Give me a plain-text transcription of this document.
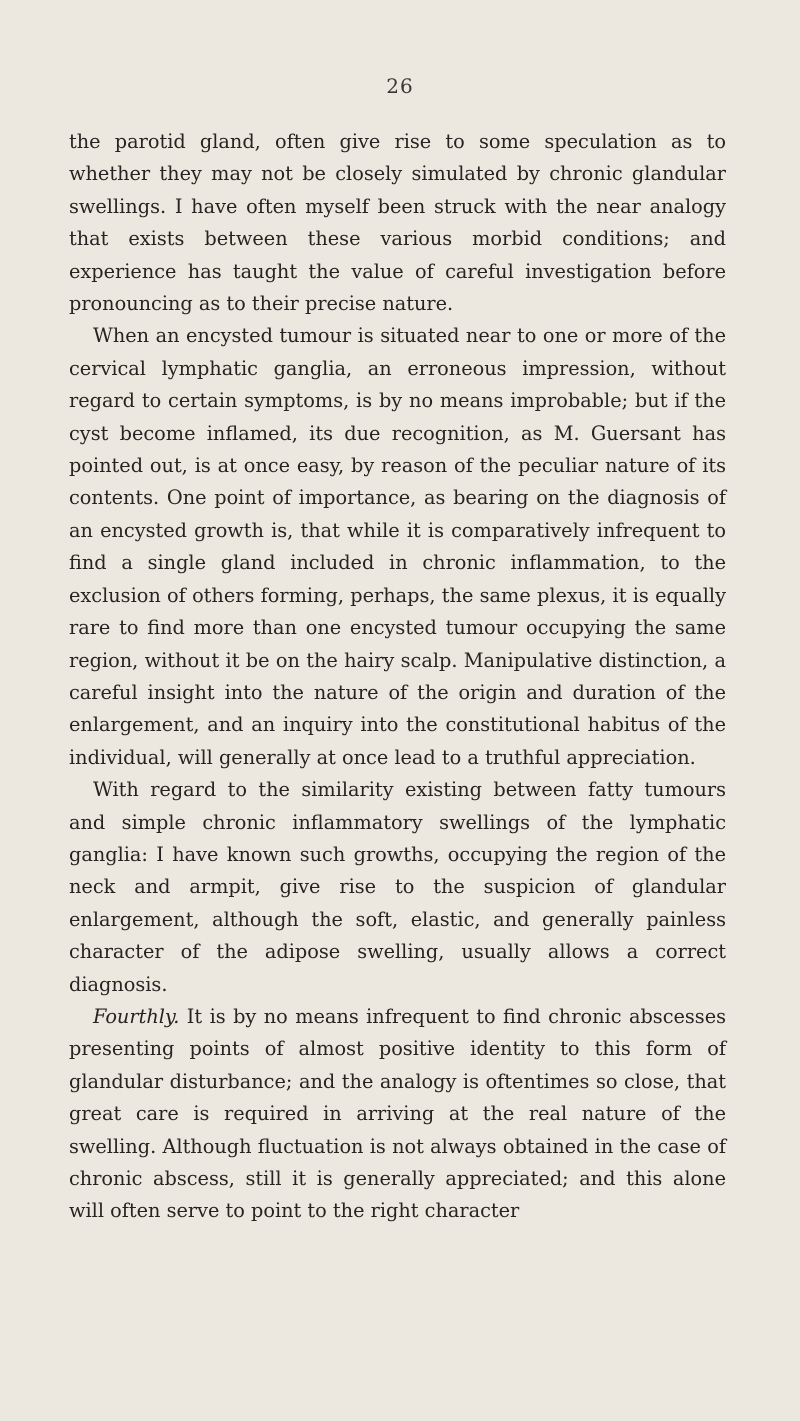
26

the parotid gland, often give rise to some speculation as to whether they may not be closely simulated by chronic glandular swellings. I have often myself been struck with the near analogy that exists between these various morbid conditions; and experience has taught the value of careful investigation before pronouncing as to their precise nature.

When an encysted tumour is situated near to one or more of the cervical lymphatic ganglia, an erroneous impression, without regard to certain symptoms, is by no means improbable; but if the cyst become inflamed, its due recognition, as M. Guersant has pointed out, is at once easy, by reason of the peculiar nature of its contents. One point of importance, as bearing on the diagnosis of an encysted growth is, that while it is comparatively infrequent to find a single gland included in chronic inflammation, to the exclusion of others forming, perhaps, the same plexus, it is equally rare to find more than one encysted tumour occupying the same region, without it be on the hairy scalp. Manipulative distinction, a careful insight into the nature of the origin and duration of the enlargement, and an inquiry into the constitutional habitus of the individual, will generally at once lead to a truthful appreciation.

With regard to the similarity existing between fatty tumours and simple chronic inflammatory swellings of the lymphatic ganglia: I have known such growths, occupying the region of the neck and armpit, give rise to the suspicion of glandular enlargement, although the soft, elastic, and generally painless character of the adipose swelling, usually allows a correct diagnosis.

Fourthly. It is by no means infrequent to find chronic abscesses presenting points of almost positive identity to this form of glandular disturbance; and the analogy is oftentimes so close, that great care is required in arriving at the real nature of the swelling. Although fluctuation is not always obtained in the case of chronic abscess, still it is generally appreciated; and this alone will often serve to point to the right character
